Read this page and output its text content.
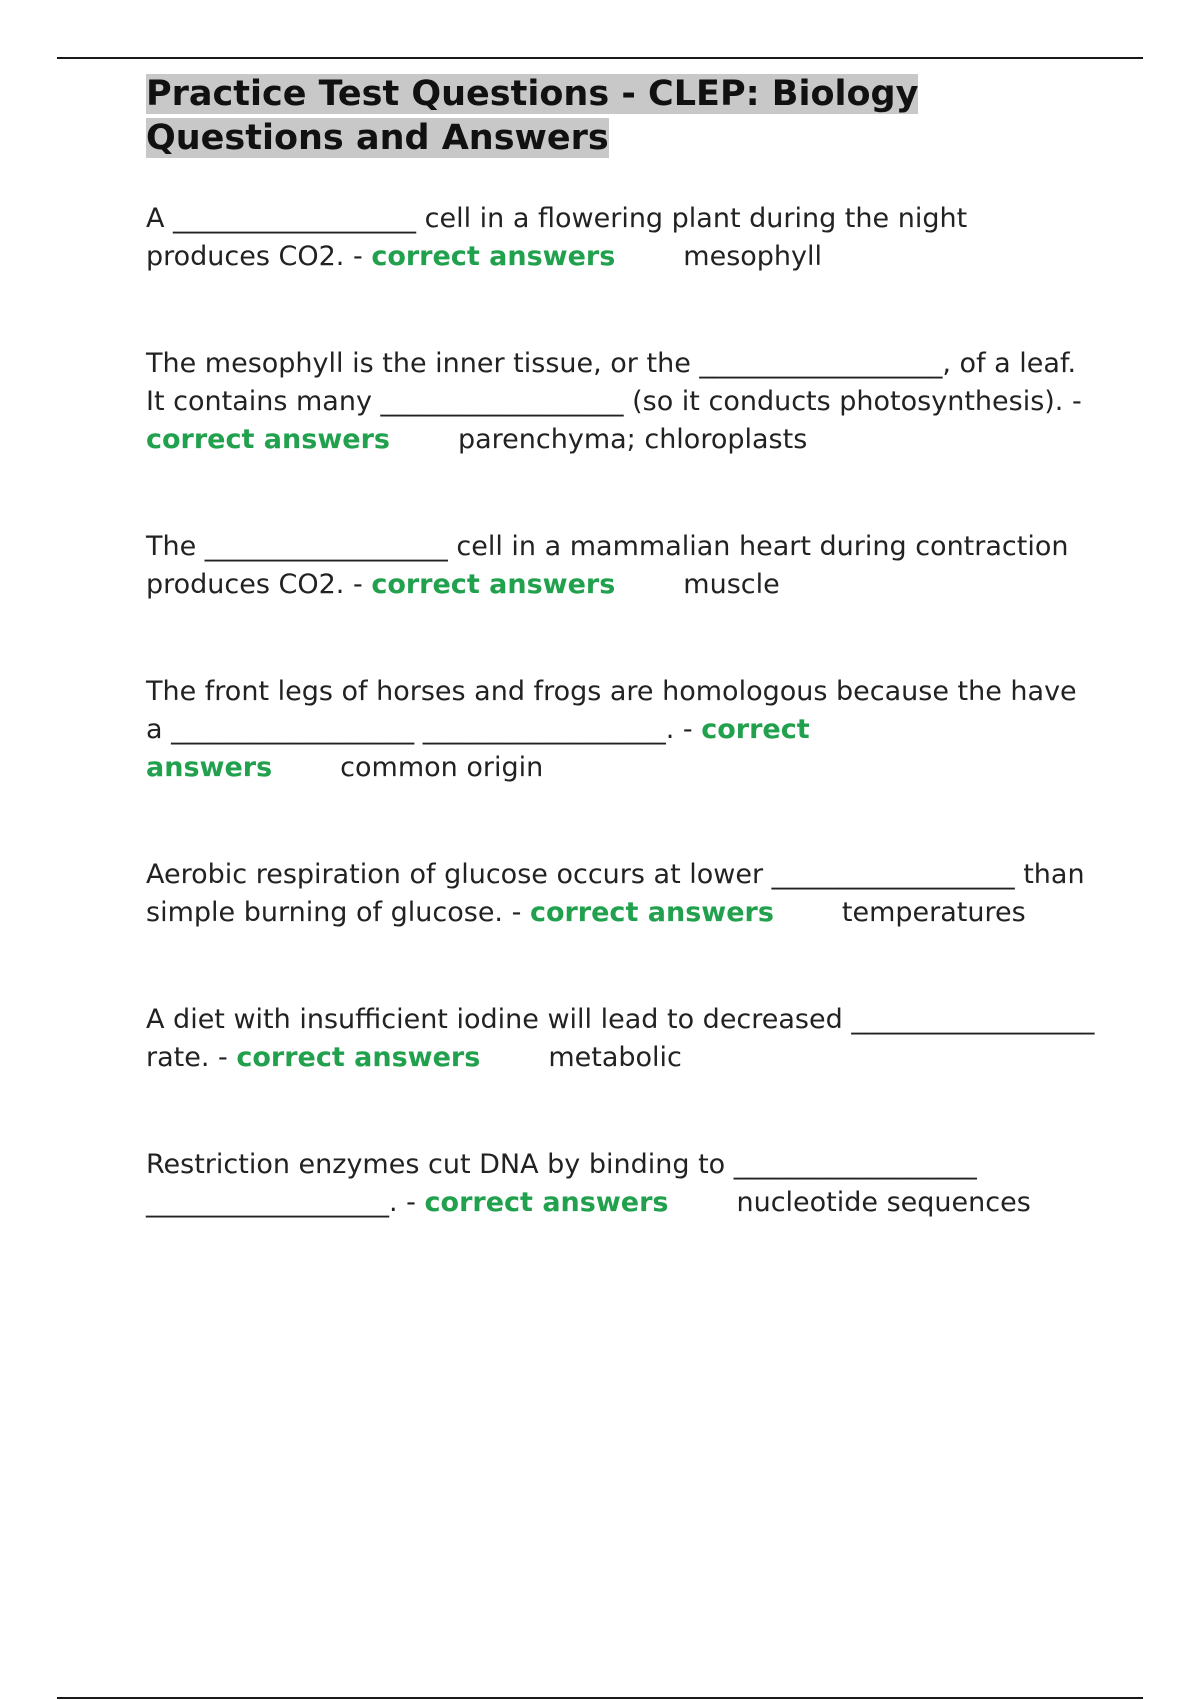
Practice Test Questions - CLEP: Biology Questions and Answers

A __________________ cell in a flowering plant during the night produces CO2. - correct answers	mesophyll

The mesophyll is the inner tissue, or the __________________, of a leaf. It contains many __________________ (so it conducts photosynthesis). - correct answers	parenchyma; chloroplasts

The __________________ cell in a mammalian heart during contraction produces CO2. - correct answers	muscle

The front legs of horses and frogs are homologous because the have a __________________ __________________. - correct answers	common origin

Aerobic respiration of glucose occurs at lower __________________ than simple burning of glucose. - correct answers	temperatures

A diet with insufficient iodine will lead to decreased __________________ rate. - correct answers	metabolic

Restriction enzymes cut DNA by binding to __________________ __________________. - correct answers	nucleotide sequences
